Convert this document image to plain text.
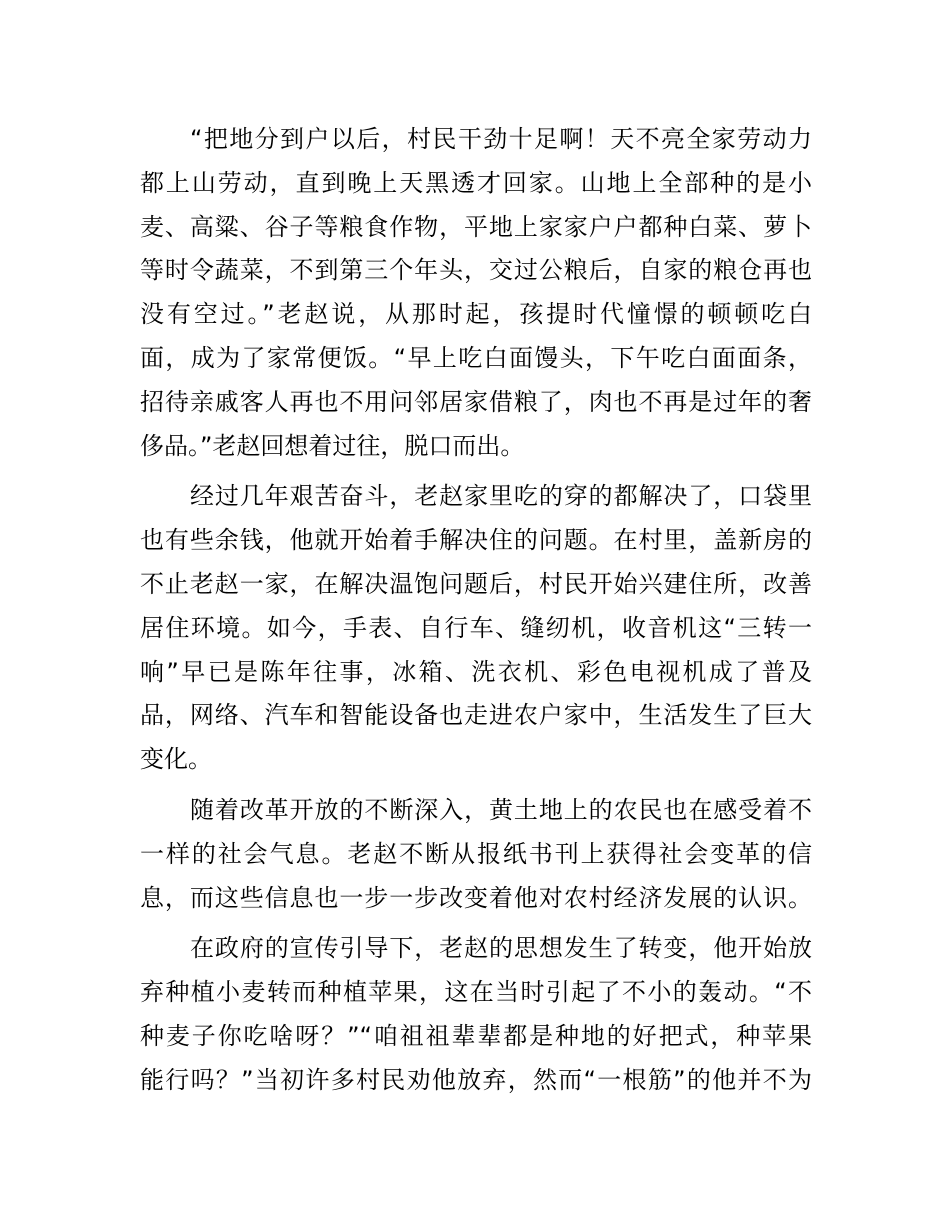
“把地分到户以后，村民干劲十足啊！天不亮全家劳动力
都上山劳动，直到晚上天黑透才回家。山地上全部种的是小
麦、高粱、谷子等粮食作物，平地上家家户户都种白菜、萝卜
等时令蔬菜，不到第三个年头，交过公粮后，自家的粮仓再也
没有空过。”老赵说，从那时起，孩提时代憧憬的顿顿吃白
面，成为了家常便饭。“早上吃白面馒头，下午吃白面面条，
招待亲戚客人再也不用问邻居家借粮了，肉也不再是过年的奢
侈品。”老赵回想着过往，脱口而出。
经过几年艰苦奋斗，老赵家里吃的穿的都解决了，口袋里
也有些余钱，他就开始着手解决住的问题。在村里，盖新房的
不止老赵一家，在解决温饱问题后，村民开始兴建住所，改善
居住环境。如今，手表、自行车、缝纫机，收音机这“三转一
响”早已是陈年往事，冰箱、洗衣机、彩色电视机成了普及
品，网络、汽车和智能设备也走进农户家中，生活发生了巨大
变化。
随着改革开放的不断深入，黄土地上的农民也在感受着不
一样的社会气息。老赵不断从报纸书刊上获得社会变革的信
息，而这些信息也一步一步改变着他对农村经济发展的认识。
在政府的宣传引导下，老赵的思想发生了转变，他开始放
弃种植小麦转而种植苹果，这在当时引起了不小的轰动。“不
种麦子你吃啥呀？”“咱祖祖辈辈都是种地的好把式，种苹果
能行吗？”当初许多村民劝他放弃，然而“一根筋”的他并不为
